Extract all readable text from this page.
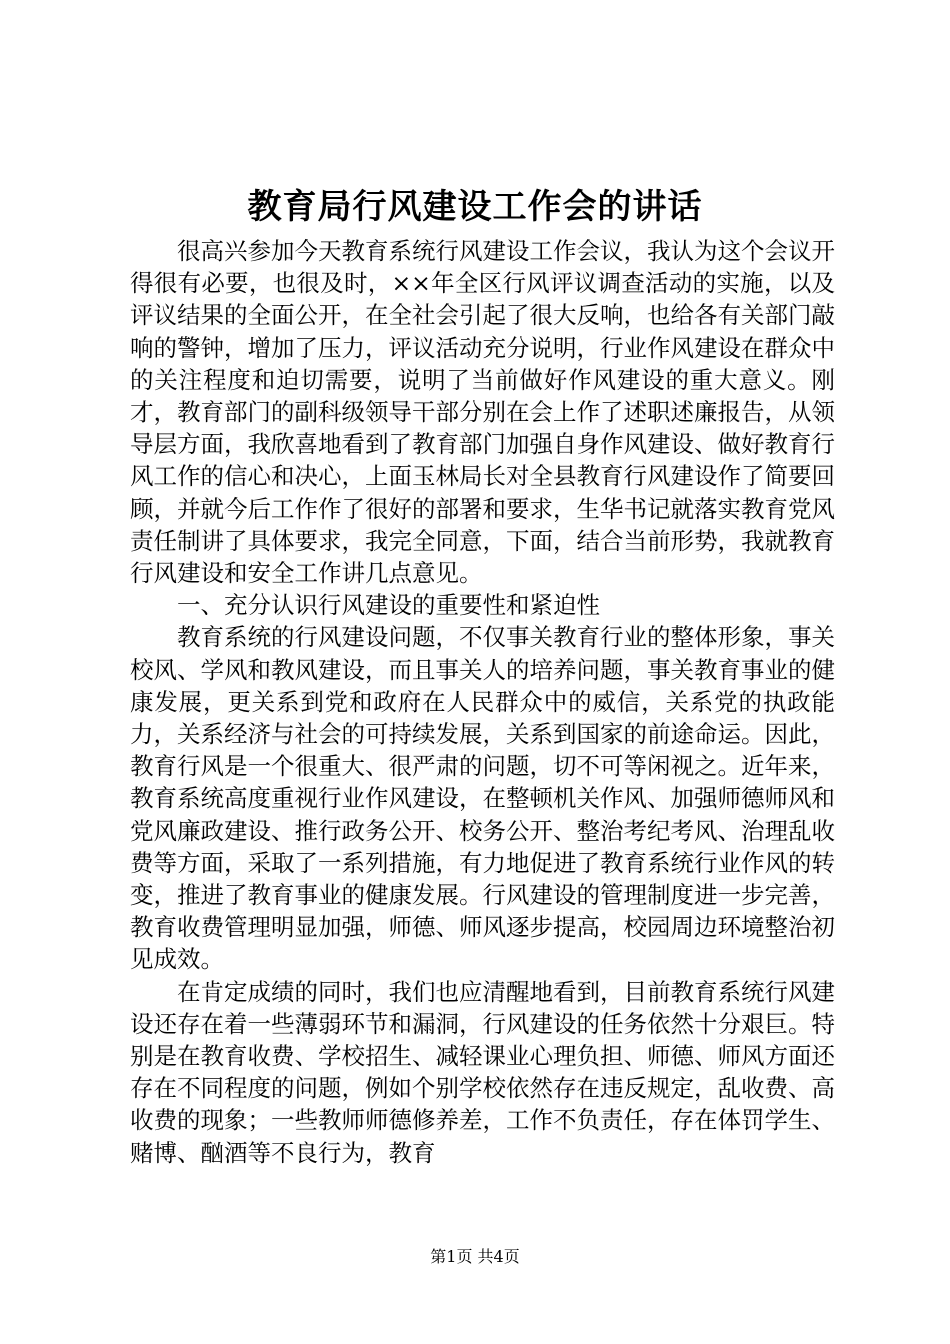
教育局行风建设工作会的讲话

很高兴参加今天教育系统行风建设工作会议，我认为这个会议开得很有必要，也很及时，××年全区行风评议调查活动的实施，以及评议结果的全面公开，在全社会引起了很大反响，也给各有关部门敲响的警钟，增加了压力，评议活动充分说明，行业作风建设在群众中的关注程度和迫切需要，说明了当前做好作风建设的重大意义。刚才，教育部门的副科级领导干部分别在会上作了述职述廉报告，从领导层方面，我欣喜地看到了教育部门加强自身作风建设、做好教育行风工作的信心和决心，上面玉林局长对全县教育行风建设作了简要回顾，并就今后工作作了很好的部署和要求，生华书记就落实教育党风责任制讲了具体要求，我完全同意，下面，结合当前形势，我就教育行风建设和安全工作讲几点意见。

一、充分认识行风建设的重要性和紧迫性

教育系统的行风建设问题，不仅事关教育行业的整体形象，事关校风、学风和教风建设，而且事关人的培养问题，事关教育事业的健康发展，更关系到党和政府在人民群众中的威信，关系党的执政能力，关系经济与社会的可持续发展，关系到国家的前途命运。因此，教育行风是一个很重大、很严肃的问题，切不可等闲视之。近年来，教育系统高度重视行业作风建设，在整顿机关作风、加强师德师风和党风廉政建设、推行政务公开、校务公开、整治考纪考风、治理乱收费等方面，采取了一系列措施，有力地促进了教育系统行业作风的转变，推进了教育事业的健康发展。行风建设的管理制度进一步完善，教育收费管理明显加强，师德、师风逐步提高，校园周边环境整治初见成效。

在肯定成绩的同时，我们也应清醒地看到，目前教育系统行风建设还存在着一些薄弱环节和漏洞，行风建设的任务依然十分艰巨。特别是在教育收费、学校招生、减轻课业心理负担、师德、师风方面还存在不同程度的问题，例如个别学校依然存在违反规定，乱收费、高收费的现象；一些教师师德修养差，工作不负责任，存在体罚学生、赌博、酗酒等不良行为，教育

第1页 共4页
